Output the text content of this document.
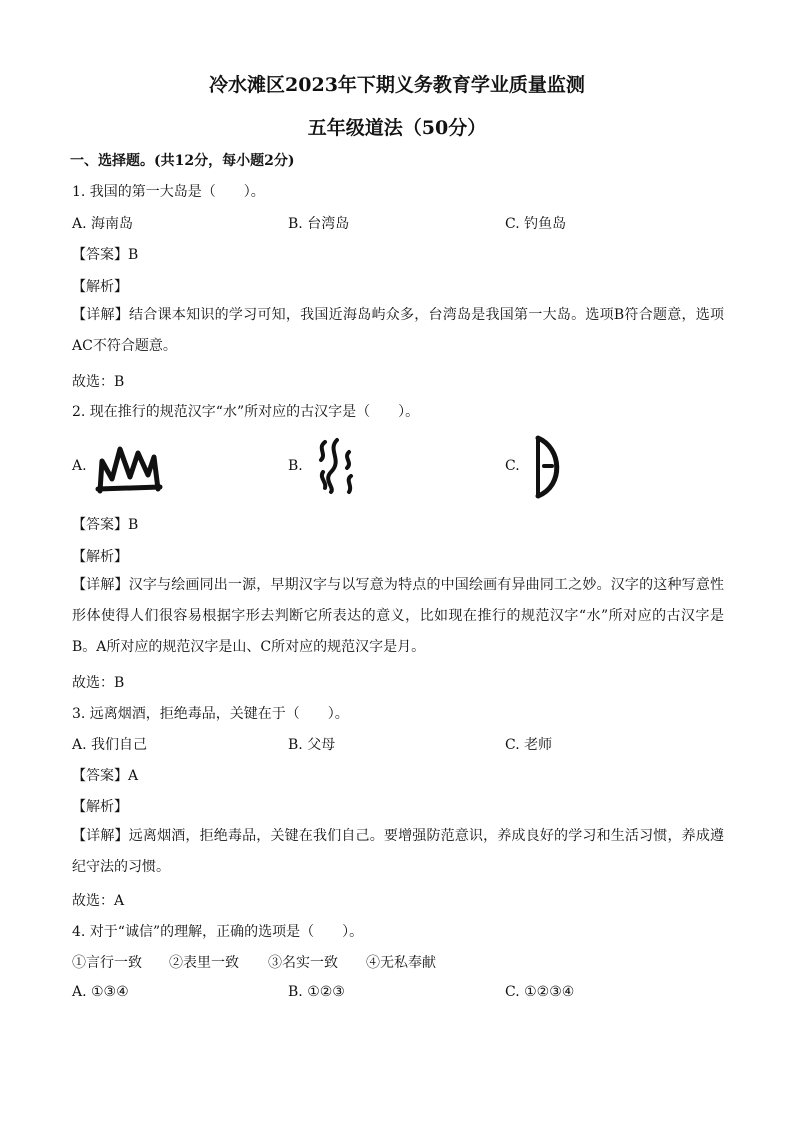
冷水滩区2023年下期义务教育学业质量监测
五年级道法（50分）
一、选择题。(共12分，每小题2分)
1. 我国的第一大岛是（　　）。
A. 海南岛	B. 台湾岛	C. 钓鱼岛
【答案】B
【解析】
【详解】结合课本知识的学习可知，我国近海岛屿众多，台湾岛是我国第一大岛。选项B符合题意，选项AC不符合题意。
故选：B
2. 现在推行的规范汉字“水”所对应的古汉字是（　　）。
A.	B.	C.
【答案】B
【解析】
【详解】汉字与绘画同出一源，早期汉字与以写意为特点的中国绘画有异曲同工之妙。汉字的这种写意性形体使得人们很容易根据字形去判断它所表达的意义，比如现在推行的规范汉字“水”所对应的古汉字是B。A所对应的规范汉字是山、C所对应的规范汉字是月。
故选：B
3. 远离烟酒，拒绝毒品，关键在于（　　）。
A. 我们自己	B. 父母	C. 老师
【答案】A
【解析】
【详解】远离烟酒，拒绝毒品，关键在我们自己。要增强防范意识，养成良好的学习和生活习惯，养成遵纪守法的习惯。
故选：A
4. 对于“诚信”的理解，正确的选项是（　　）。
①言行一致 ②表里一致 ③名实一致 ④无私奉献
A. ①③④	B. ①②③	C. ①②③④
